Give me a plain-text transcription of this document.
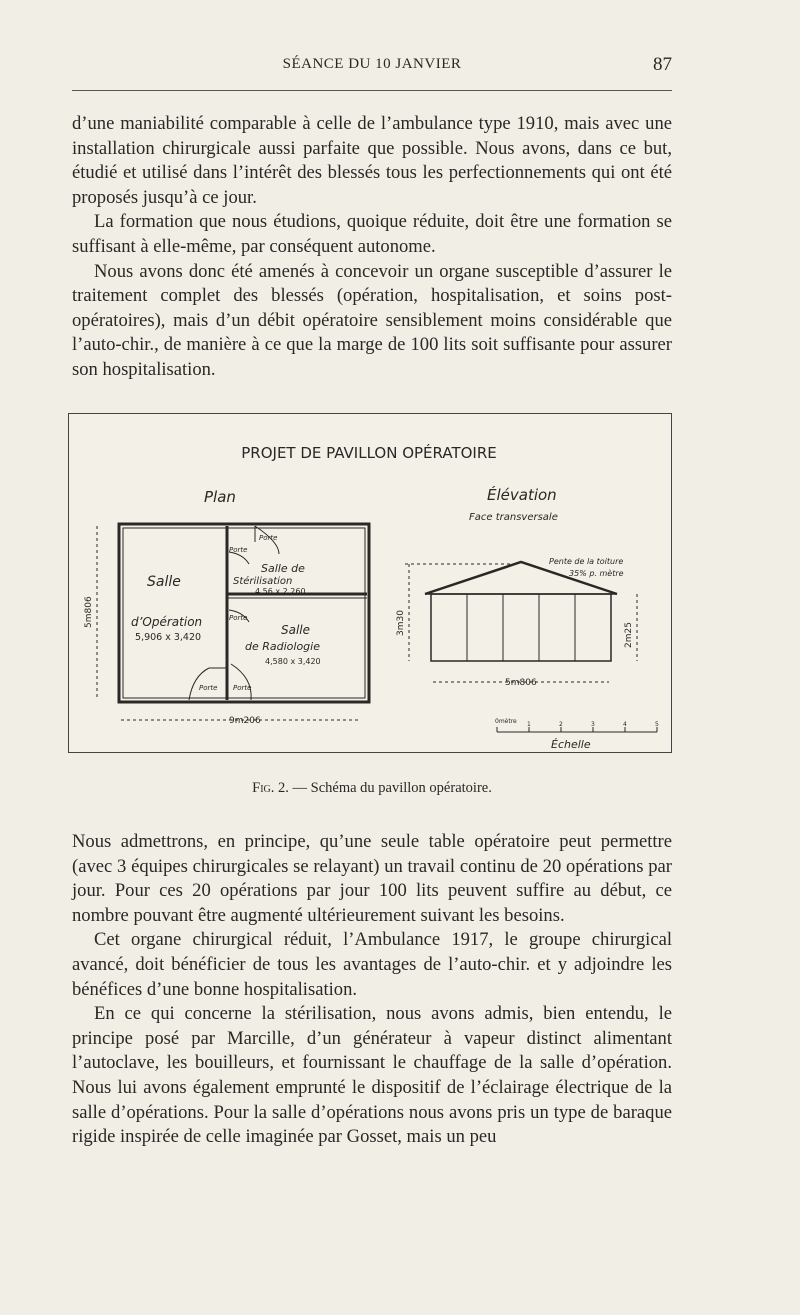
SÉANCE DU 10 JANVIER	87

d’une maniabilité comparable à celle de l’ambulance type 1910, mais avec une installation chirurgicale aussi parfaite que possible. Nous avons, dans ce but, étudié et utilisé dans l’intérêt des blessés tous les perfectionnements qui ont été proposés jusqu’à ce jour.

La formation que nous étudions, quoique réduite, doit être une formation se suffisant à elle-même, par conséquent autonome.

Nous avons donc été amenés à concevoir un organe susceptible d’assurer le traitement complet des blessés (opération, hospitalisation, et soins post-opératoires), mais d’un débit opératoire sensiblement moins considérable que l’auto-chir., de manière à ce que la marge de 100 lits soit suffisante pour assurer son hospitalisation.

PROJET DE PAVILLON OPÉRATOIRE
Plan
Salle
d’Opération
5,906 x 3,420
Salle de
Stérilisation
4,56 x 2,260
Salle
de Radiologie
4,580 x 3,420
Porte
Porte
Porte
Porte Porte
5m806
9m206
Élévation
Face transversale
Pente de la toiture
35% p. mètre
3m30	2m25
5m806
0mètre 1	2	3	4	5
Échelle
Fig. 2. — Schéma du pavillon opératoire.

Nous admettrons, en principe, qu’une seule table opératoire peut permettre (avec 3 équipes chirurgicales se relayant) un travail continu de 20 opérations par jour. Pour ces 20 opérations par jour 100 lits peuvent suffire au début, ce nombre pouvant être augmenté ultérieurement suivant les besoins.

Cet organe chirurgical réduit, l’Ambulance 1917, le groupe chirurgical avancé, doit bénéficier de tous les avantages de l’auto-chir. et y adjoindre les bénéfices d’une bonne hospitalisation.

En ce qui concerne la stérilisation, nous avons admis, bien entendu, le principe posé par Marcille, d’un générateur à vapeur distinct alimentant l’autoclave, les bouilleurs, et fournissant le chauffage de la salle d’opération. Nous lui avons également emprunté le dispositif de l’éclairage électrique de la salle d’opérations. Pour la salle d’opérations nous avons pris un type de baraque rigide inspirée de celle imaginée par Gosset, mais un peu
